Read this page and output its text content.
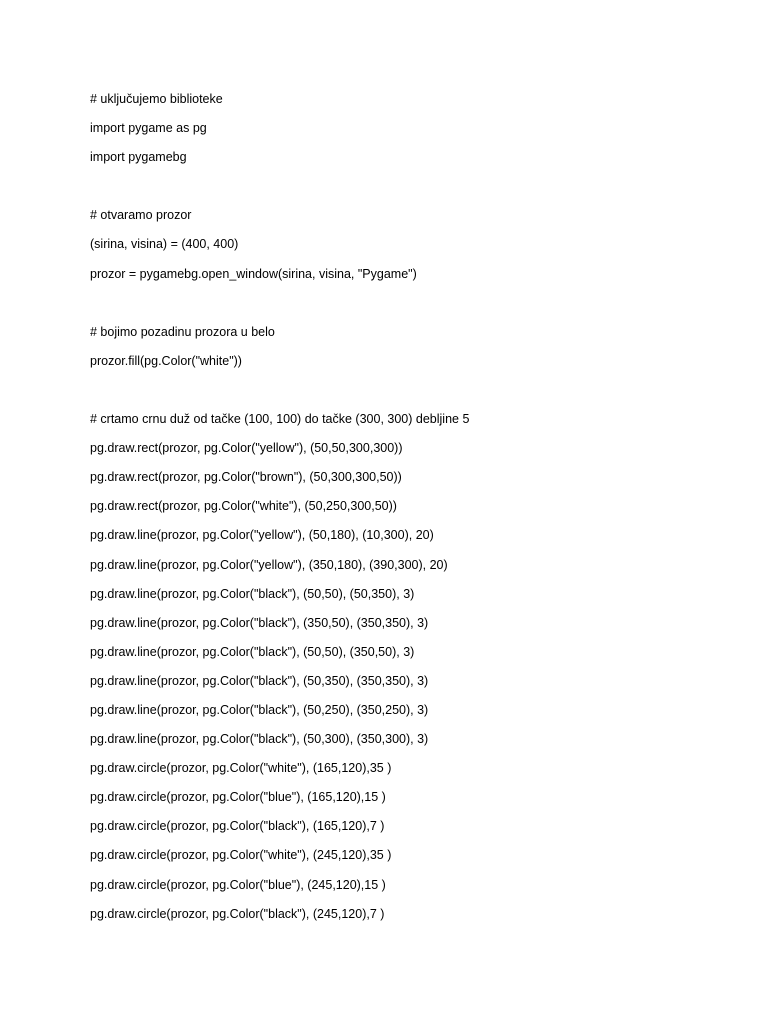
# uključujemo biblioteke
import pygame as pg
import pygamebg
# otvaramo prozor
(sirina, visina) = (400, 400)
prozor = pygamebg.open_window(sirina, visina, "Pygame")
# bojimo pozadinu prozora u belo
prozor.fill(pg.Color("white"))
# crtamo crnu duž od tačke (100, 100) do tačke (300, 300) debljine 5
pg.draw.rect(prozor, pg.Color("yellow"), (50,50,300,300))
pg.draw.rect(prozor, pg.Color("brown"), (50,300,300,50))
pg.draw.rect(prozor, pg.Color("white"), (50,250,300,50))
pg.draw.line(prozor, pg.Color("yellow"), (50,180), (10,300), 20)
pg.draw.line(prozor, pg.Color("yellow"), (350,180), (390,300), 20)
pg.draw.line(prozor, pg.Color("black"), (50,50), (50,350), 3)
pg.draw.line(prozor, pg.Color("black"), (350,50), (350,350), 3)
pg.draw.line(prozor, pg.Color("black"), (50,50), (350,50), 3)
pg.draw.line(prozor, pg.Color("black"), (50,350), (350,350), 3)
pg.draw.line(prozor, pg.Color("black"), (50,250), (350,250), 3)
pg.draw.line(prozor, pg.Color("black"), (50,300), (350,300), 3)
pg.draw.circle(prozor, pg.Color("white"), (165,120),35 )
pg.draw.circle(prozor, pg.Color("blue"), (165,120),15 )
pg.draw.circle(prozor, pg.Color("black"), (165,120),7 )
pg.draw.circle(prozor, pg.Color("white"), (245,120),35 )
pg.draw.circle(prozor, pg.Color("blue"), (245,120),15 )
pg.draw.circle(prozor, pg.Color("black"), (245,120),7 )
